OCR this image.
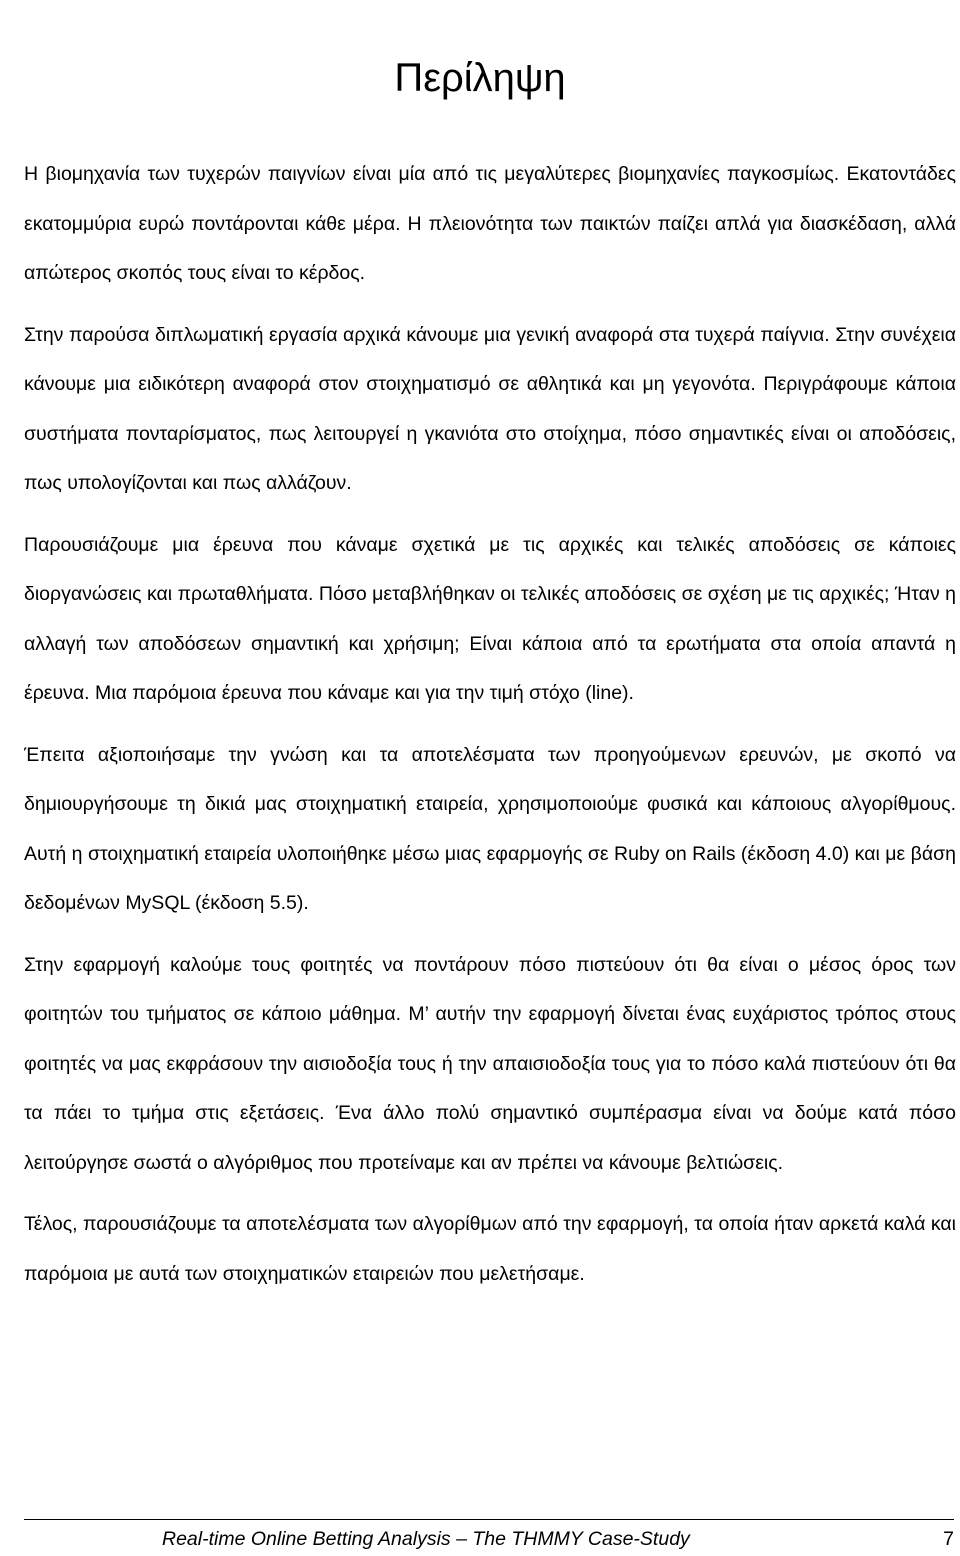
Περίληψη

Η βιομηχανία των τυχερών παιγνίων είναι μία από τις μεγαλύτερες βιομηχανίες παγκοσμίως. Εκατοντάδες εκατομμύρια ευρώ ποντάρονται κάθε μέρα. Η πλειονότητα των παικτών παίζει απλά για διασκέδαση, αλλά απώτερος σκοπός τους είναι το κέρδος.

Στην παρούσα διπλωματική εργασία αρχικά κάνουμε μια γενική αναφορά στα τυχερά παίγνια. Στην συνέχεια κάνουμε μια ειδικότερη αναφορά στον στοιχηματισμό σε αθλητικά και μη γεγονότα. Περιγράφουμε κάποια συστήματα πονταρίσματος, πως λειτουργεί η γκανιότα στο στοίχημα, πόσο σημαντικές είναι οι αποδόσεις, πως υπολογίζονται και πως αλλάζουν.

Παρουσιάζουμε μια έρευνα που κάναμε σχετικά με τις αρχικές και τελικές αποδόσεις σε κάποιες διοργανώσεις και πρωταθλήματα. Πόσο μεταβλήθηκαν οι τελικές αποδόσεις σε σχέση με τις αρχικές; Ήταν η αλλαγή των αποδόσεων σημαντική και χρήσιμη; Είναι κάποια από τα ερωτήματα στα οποία απαντά η έρευνα. Μια παρόμοια έρευνα που κάναμε και για την τιμή στόχο (line).

Έπειτα αξιοποιήσαμε την γνώση και τα αποτελέσματα των προηγούμενων ερευνών, με σκοπό να δημιουργήσουμε τη δικιά μας στοιχηματική εταιρεία, χρησιμοποιούμε φυσικά και κάποιους αλγορίθμους. Αυτή η στοιχηματική εταιρεία υλοποιήθηκε μέσω μιας εφαρμογής σε Ruby on Rails (έκδοση 4.0) και με βάση δεδομένων MySQL (έκδοση 5.5).

Στην εφαρμογή καλούμε τους φοιτητές να ποντάρουν πόσο πιστεύουν ότι θα είναι ο μέσος όρος των φοιτητών του τμήματος σε κάποιο μάθημα. Μ’ αυτήν την εφαρμογή δίνεται ένας ευχάριστος τρόπος στους φοιτητές να μας εκφράσουν την αισιοδοξία τους ή την απαισιοδοξία τους για το πόσο καλά πιστεύουν ότι θα τα πάει το τμήμα στις εξετάσεις. Ένα άλλο πολύ σημαντικό συμπέρασμα είναι να δούμε κατά πόσο λειτούργησε σωστά ο αλγόριθμος που προτείναμε και αν πρέπει να κάνουμε βελτιώσεις.

Τέλος, παρουσιάζουμε τα αποτελέσματα των αλγορίθμων από την εφαρμογή, τα οποία ήταν αρκετά καλά και παρόμοια με αυτά των στοιχηματικών εταιρειών που μελετήσαμε.

Real-time Online Betting Analysis – The THMMY Case-Study	7
